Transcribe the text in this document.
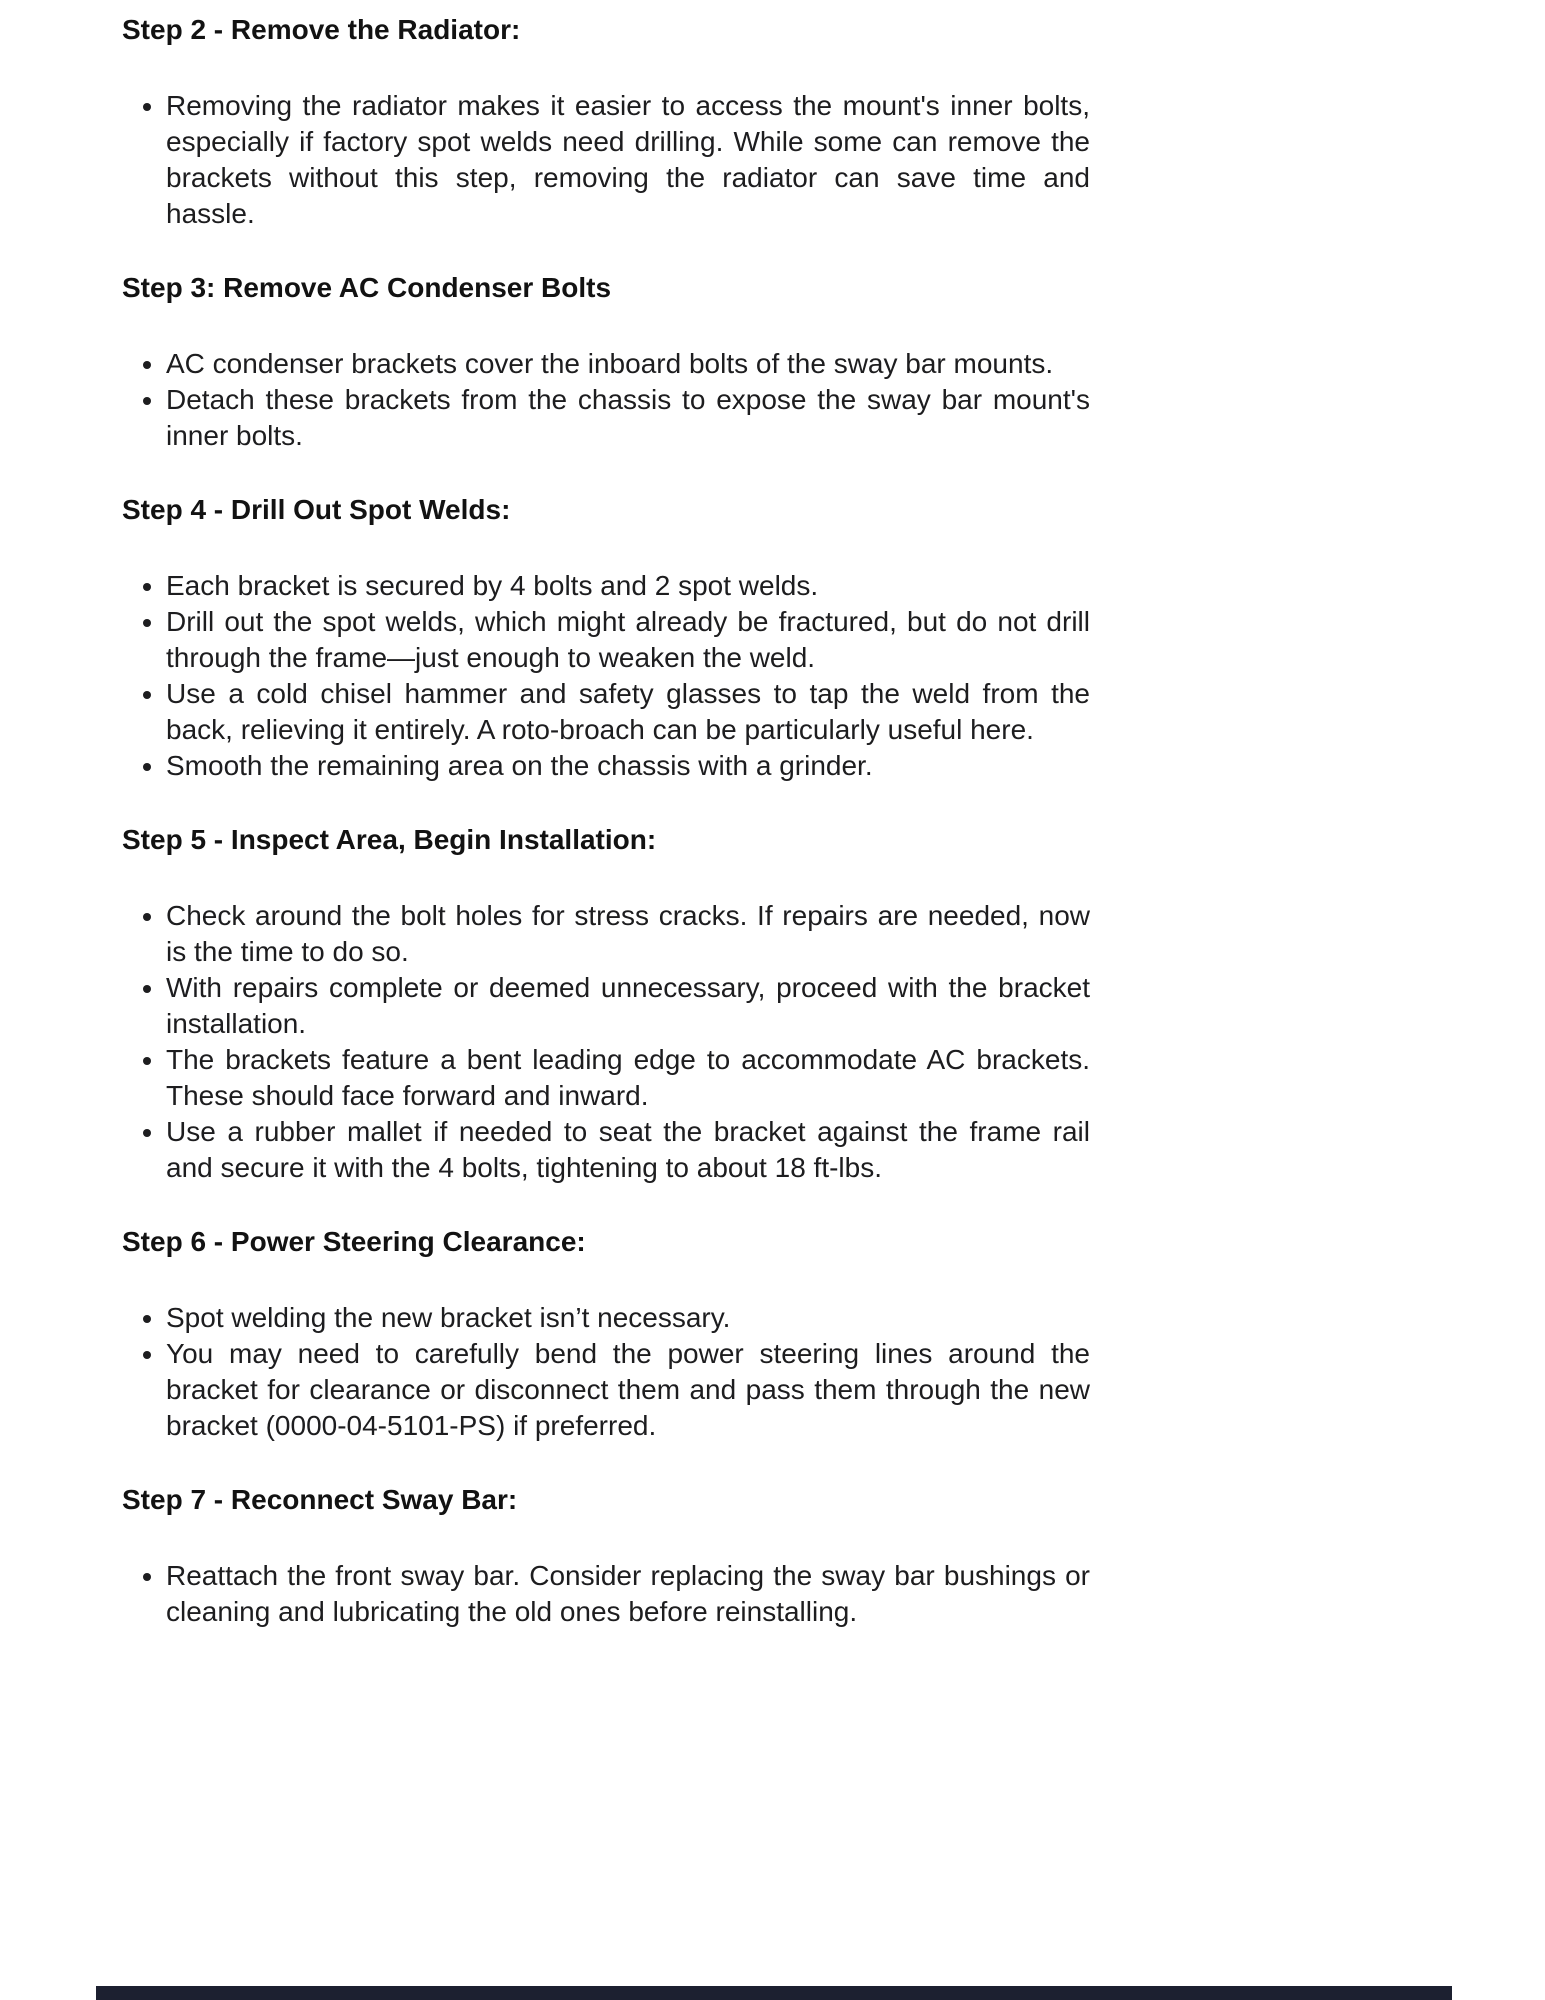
Step 2 - Remove the Radiator:
• Removing the radiator makes it easier to access the mount's inner bolts, especially if factory spot welds need drilling. While some can remove the brackets without this step, removing the radiator can save time and hassle.
Step 3: Remove AC Condenser Bolts
• AC condenser brackets cover the inboard bolts of the sway bar mounts.
• Detach these brackets from the chassis to expose the sway bar mount's inner bolts.
Step 4 - Drill Out Spot Welds:
• Each bracket is secured by 4 bolts and 2 spot welds.
• Drill out the spot welds, which might already be fractured, but do not drill through the frame—just enough to weaken the weld.
• Use a cold chisel hammer and safety glasses to tap the weld from the back, relieving it entirely. A roto-broach can be particularly useful here.
• Smooth the remaining area on the chassis with a grinder.
Step 5 - Inspect Area, Begin Installation:
• Check around the bolt holes for stress cracks. If repairs are needed, now is the time to do so.
• With repairs complete or deemed unnecessary, proceed with the bracket installation.
• The brackets feature a bent leading edge to accommodate AC brackets. These should face forward and inward.
• Use a rubber mallet if needed to seat the bracket against the frame rail and secure it with the 4 bolts, tightening to about 18 ft-lbs.
Step 6 - Power Steering Clearance:
• Spot welding the new bracket isn’t necessary.
• You may need to carefully bend the power steering lines around the bracket for clearance or disconnect them and pass them through the new bracket (0000-04-5101-PS) if preferred.
Step 7 - Reconnect Sway Bar:
• Reattach the front sway bar. Consider replacing the sway bar bushings or cleaning and lubricating the old ones before reinstalling.
